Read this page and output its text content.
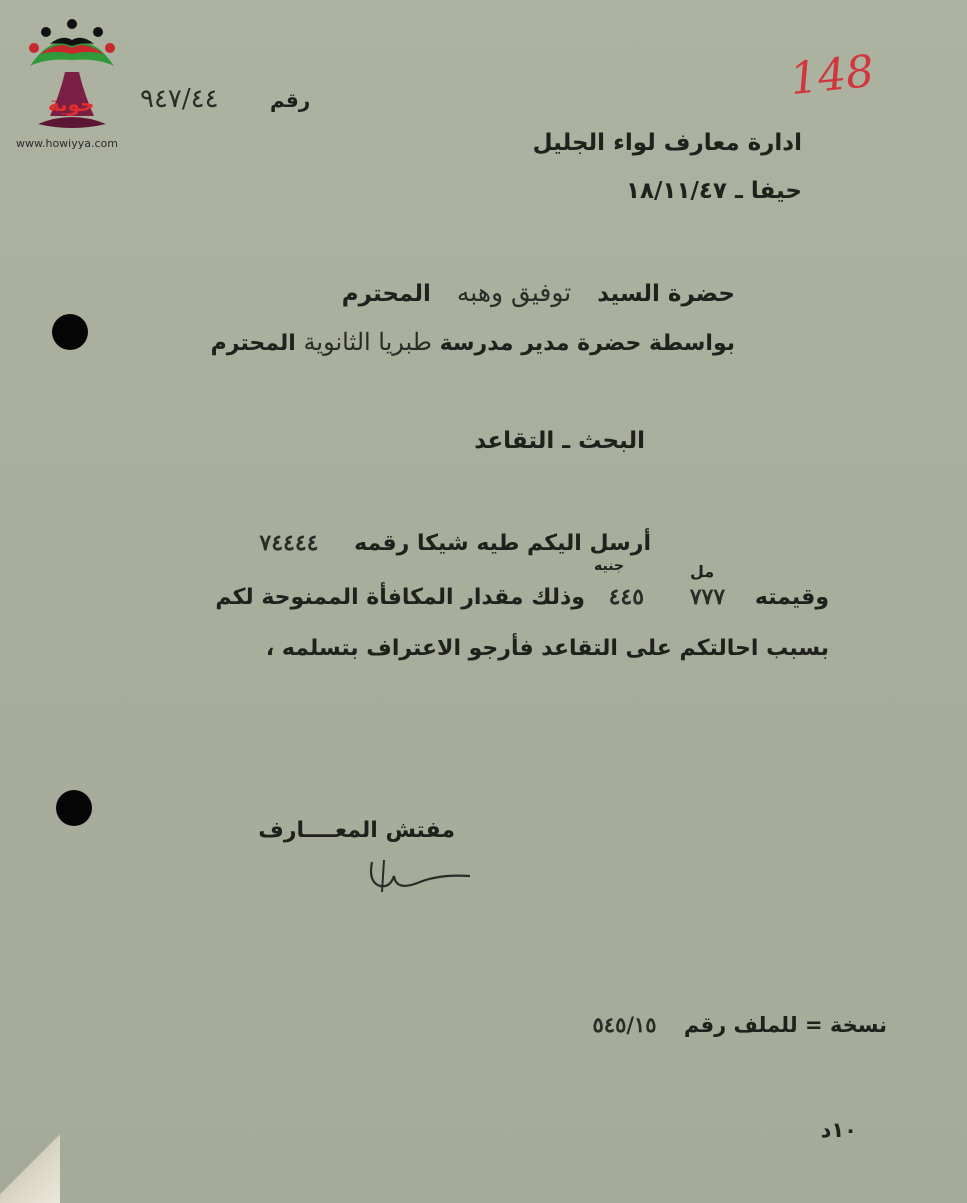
حوية
www.howiyya.com
رقم
٩٤٧/٤٤	148
ادارة معارف لواء الجليل
حيفا ـ ١٨/١١/٤٧
حضرة السيد توفيق وهبه المحترم
بواسطة حضرة مدير مدرسة طبريا الثانوية المحترم
البحث ـ التقاعد
أرسل اليكم طيه شيكا رقمه ٧٤٤٤٤
جنيه	مل
وقيمته ٧٧٧ ٤٤٥ وذلك مقدار المكافأة الممنوحة لكم
بسبب احالتكم على التقاعد فأرجو الاعتراف بتسلمه ،
مفتش المعــــارف
نسخة = للملف رقم ٥٤٥/١٥
١٠د
